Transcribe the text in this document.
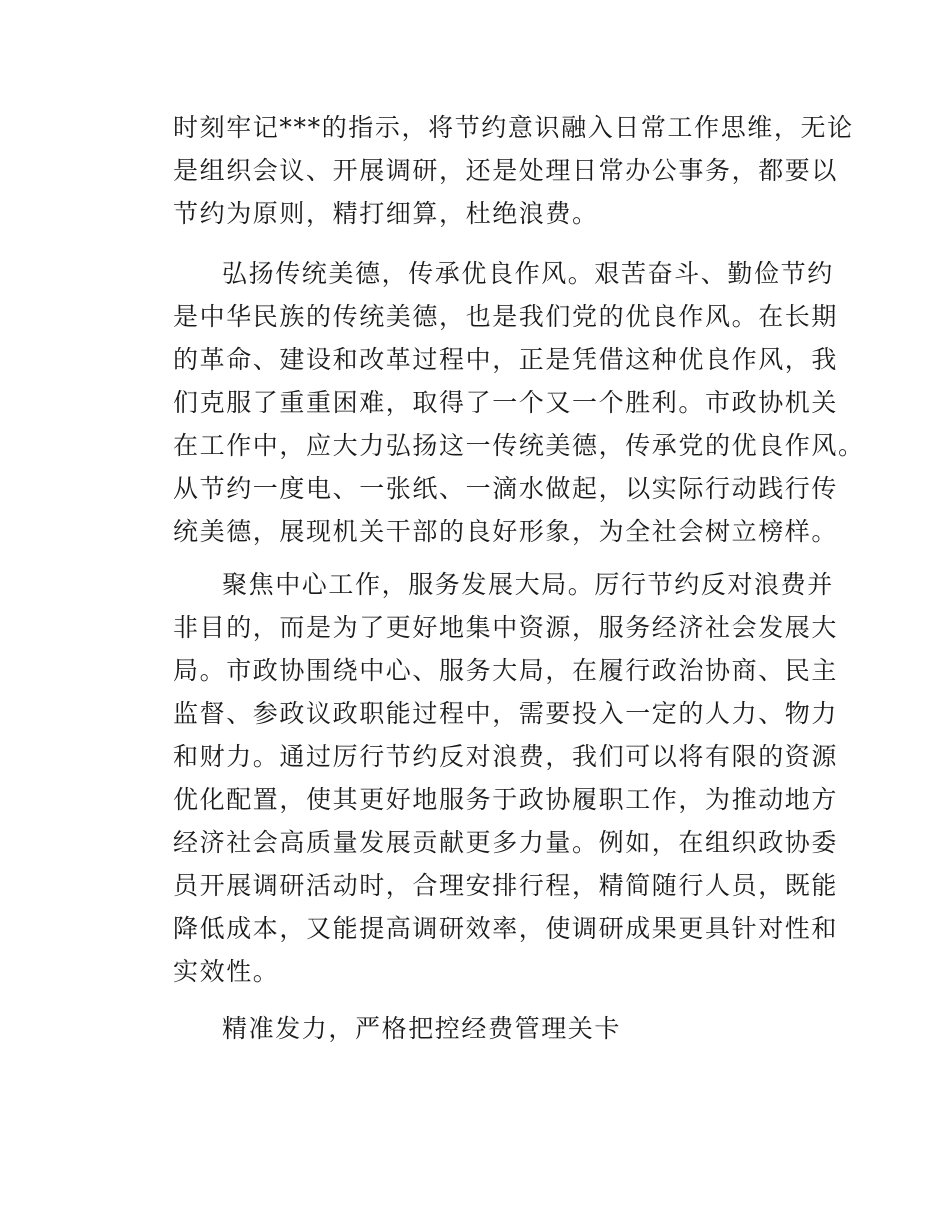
时刻牢记***的指示，将节约意识融入日常工作思维，无论
是组织会议、开展调研，还是处理日常办公事务，都要以
节约为原则，精打细算，杜绝浪费。
弘扬传统美德，传承优良作风。艰苦奋斗、勤俭节约
是中华民族的传统美德，也是我们党的优良作风。在长期
的革命、建设和改革过程中，正是凭借这种优良作风，我
们克服了重重困难，取得了一个又一个胜利。市政协机关
在工作中，应大力弘扬这一传统美德，传承党的优良作风。
从节约一度电、一张纸、一滴水做起，以实际行动践行传
统美德，展现机关干部的良好形象，为全社会树立榜样。
聚焦中心工作，服务发展大局。厉行节约反对浪费并
非目的，而是为了更好地集中资源，服务经济社会发展大
局。市政协围绕中心、服务大局，在履行政治协商、民主
监督、参政议政职能过程中，需要投入一定的人力、物力
和财力。通过厉行节约反对浪费，我们可以将有限的资源
优化配置，使其更好地服务于政协履职工作，为推动地方
经济社会高质量发展贡献更多力量。例如，在组织政协委
员开展调研活动时，合理安排行程，精简随行人员，既能
降低成本，又能提高调研效率，使调研成果更具针对性和
实效性。
精准发力，严格把控经费管理关卡
